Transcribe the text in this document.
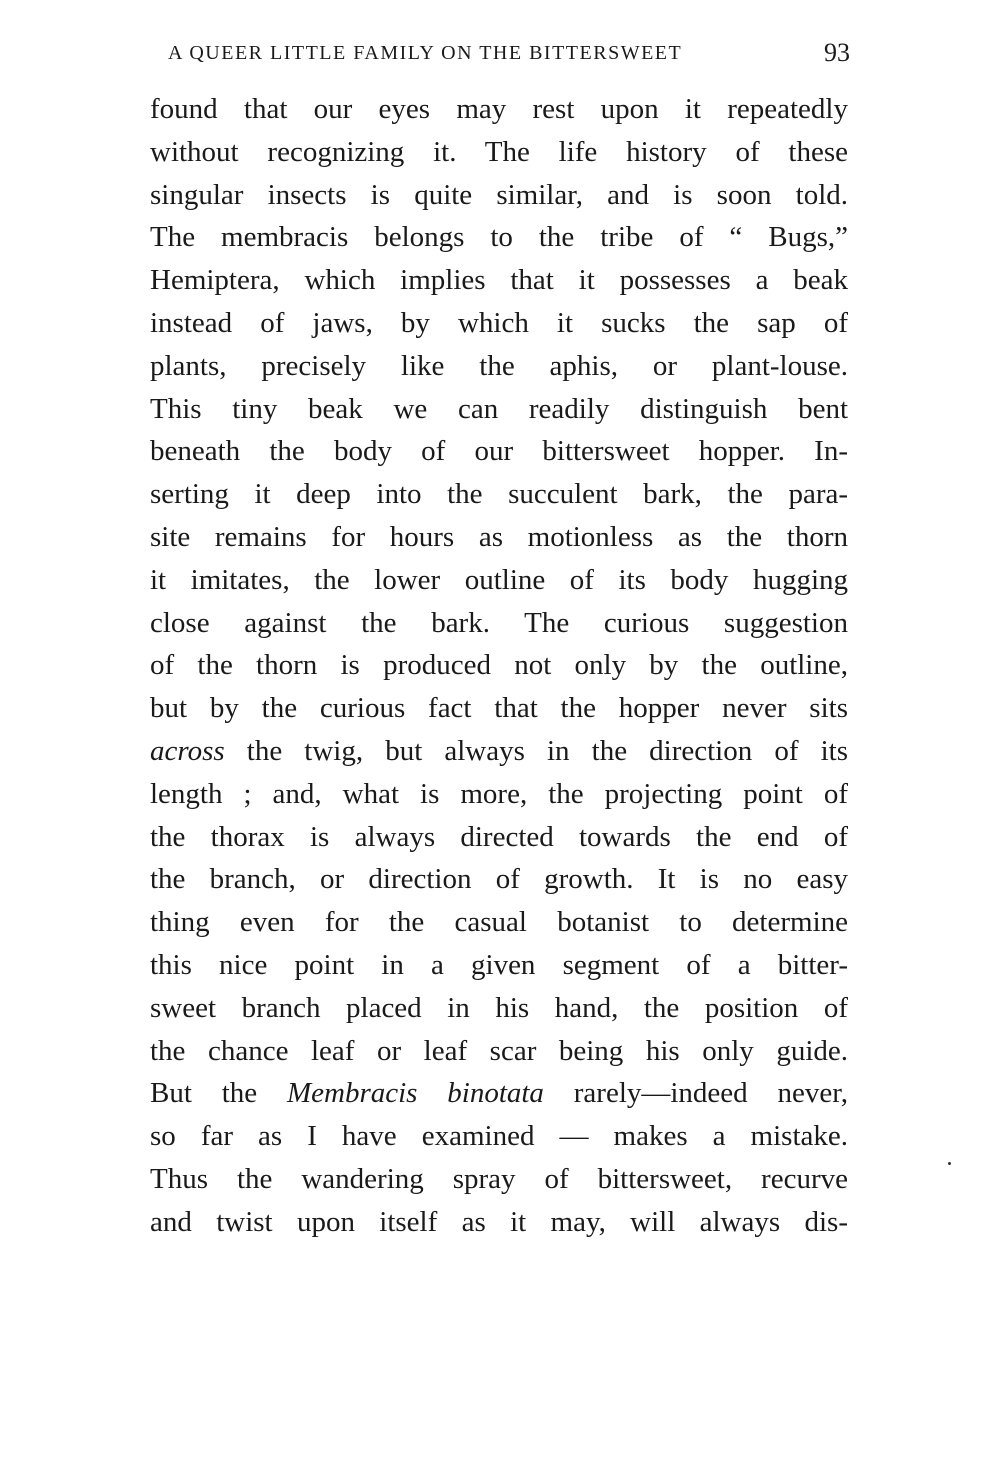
A QUEER LITTLE FAMILY ON THE BITTERSWEET	93
found that our eyes may rest upon it repeatedly
without recognizing it. The life history of these
singular insects is quite similar, and is soon told.
The membracis belongs to the tribe of “ Bugs,”
Hemiptera, which implies that it possesses a beak
instead of jaws, by which it sucks the sap of
plants, precisely like the aphis, or plant-louse.
This tiny beak we can readily distinguish bent
beneath the body of our bittersweet hopper. In-
serting it deep into the succulent bark, the para-
site remains for hours as motionless as the thorn
it imitates, the lower outline of its body hugging
close against the bark. The curious suggestion
of the thorn is produced not only by the outline,
but by the curious fact that the hopper never sits
across the twig, but always in the direction of its
length ; and, what is more, the projecting point of
the thorax is always directed towards the end of
the branch, or direction of growth. It is no easy
thing even for the casual botanist to determine
this nice point in a given segment of a bitter-
sweet branch placed in his hand, the position of
the chance leaf or leaf scar being his only guide.
But the Membracis binotata rarely—indeed never,
so far as I have examined — makes a mistake.
Thus the wandering spray of bittersweet, recurve
and twist upon itself as it may, will always dis-
